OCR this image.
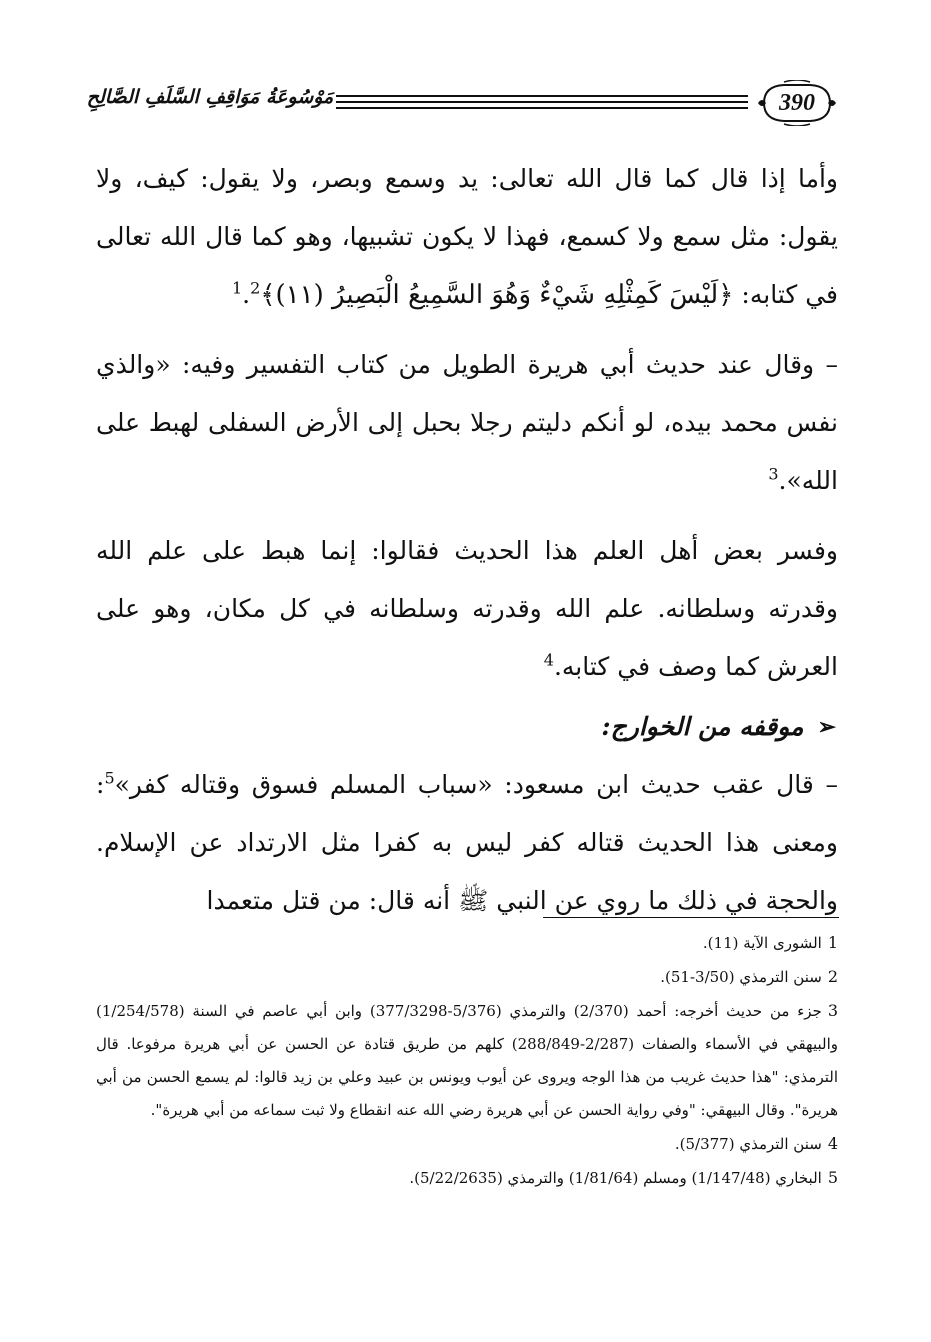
390
مَوْسُوعَةُ مَوَاقِفِ السَّلَفِ الصَّالِحِ

وأما إذا قال كما قال الله تعالى: يد وسمع وبصر، ولا يقول: كيف، ولا يقول: مثل سمع ولا كسمع، فهذا لا يكون تشبيها، وهو كما قال الله تعالى في كتابه: ﴿لَيْسَ كَمِثْلِهِ شَيْءٌ وَهُوَ السَّمِيعُ الْبَصِيرُ (١١)﴾$^1$.$^2$

– وقال عند حديث أبي هريرة الطويل من كتاب التفسير وفيه: «والذي نفس محمد بيده، لو أنكم دليتم رجلا بحبل إلى الأرض السفلى لهبط على الله».$^3$

وفسر بعض أهل العلم هذا الحديث فقالوا: إنما هبط على علم الله وقدرته وسلطانه. علم الله وقدرته وسلطانه في كل مكان، وهو على العرش كما وصف في كتابه.$^4$

➢
موقفه من الخوارج:

– قال عقب حديث ابن مسعود: «سباب المسلم فسوق وقتاله كفر»$^5$: ومعنى هذا الحديث قتاله كفر ليس به كفرا مثل الارتداد عن الإسلام. والحجة في ذلك ما روي عن النبي ﷺ أنه قال: من قتل متعمدا

1الشورى الآية (11).

2سنن الترمذي (3/50-51).

3جزء من حديث أخرجه: أحمد (2/370) والترمذي (5/376-377/3298) وابن أبي عاصم في السنة (1/254/578) والبيهقي في الأسماء والصفات (2/287-288/849) كلهم من طريق قتادة عن الحسن عن أبي هريرة مرفوعا. قال الترمذي: "هذا حديث غريب من هذا الوجه ويروى عن أيوب ويونس بن عبيد وعلي بن زيد قالوا: لم يسمع الحسن من أبي هريرة". وقال البيهقي: "وفي رواية الحسن عن أبي هريرة رضي الله عنه انقطاع ولا ثبت سماعه من أبي هريرة".

4سنن الترمذي (5/377).

5البخاري (1/147/48) ومسلم (1/81/64) والترمذي (5/22/2635).
